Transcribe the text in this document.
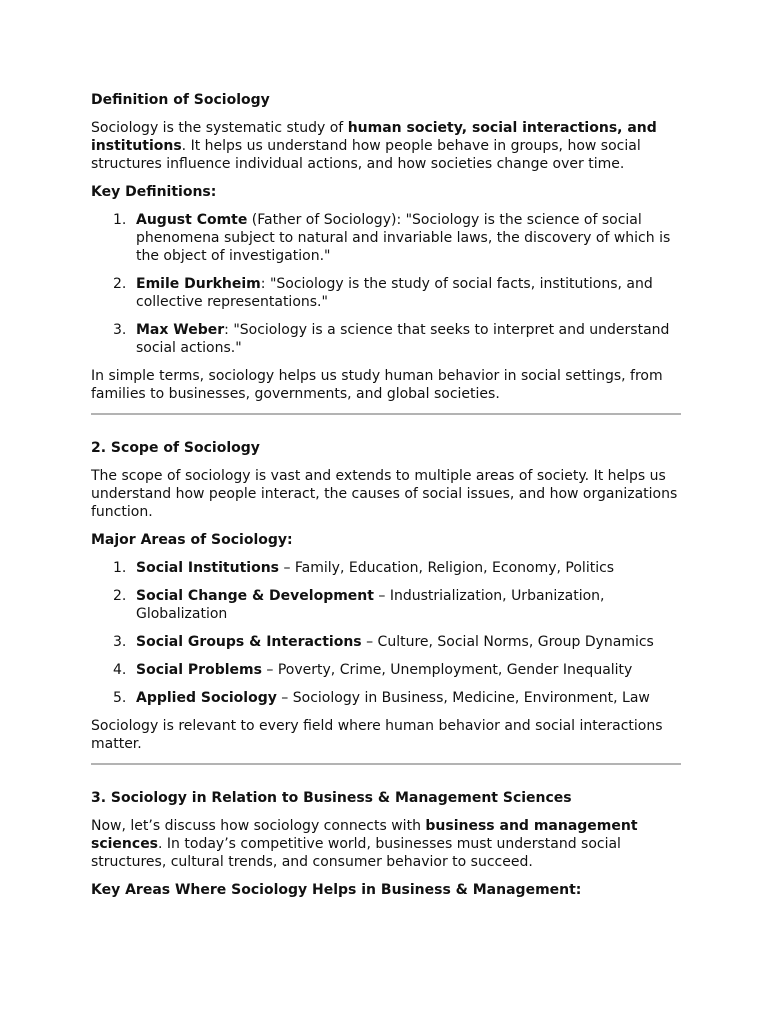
Definition of Sociology

Sociology is the systematic study of human society, social interactions, and institutions. It helps us understand how people behave in groups, how social structures influence individual actions, and how societies change over time.

Key Definitions:
1. August Comte (Father of Sociology): "Sociology is the science of social phenomena subject to natural and invariable laws, the discovery of which is the object of investigation."
2. Emile Durkheim: "Sociology is the study of social facts, institutions, and collective representations."
3. Max Weber: "Sociology is a science that seeks to interpret and understand social actions."

In simple terms, sociology helps us study human behavior in social settings, from families to businesses, governments, and global societies.

2. Scope of Sociology

The scope of sociology is vast and extends to multiple areas of society. It helps us understand how people interact, the causes of social issues, and how organizations function.

Major Areas of Sociology:
1. Social Institutions – Family, Education, Religion, Economy, Politics
2. Social Change & Development – Industrialization, Urbanization, Globalization
3. Social Groups & Interactions – Culture, Social Norms, Group Dynamics
4. Social Problems – Poverty, Crime, Unemployment, Gender Inequality
5. Applied Sociology – Sociology in Business, Medicine, Environment, Law

Sociology is relevant to every field where human behavior and social interactions matter.

3. Sociology in Relation to Business & Management Sciences

Now, let’s discuss how sociology connects with business and management sciences. In today’s competitive world, businesses must understand social structures, cultural trends, and consumer behavior to succeed.

Key Areas Where Sociology Helps in Business & Management:
